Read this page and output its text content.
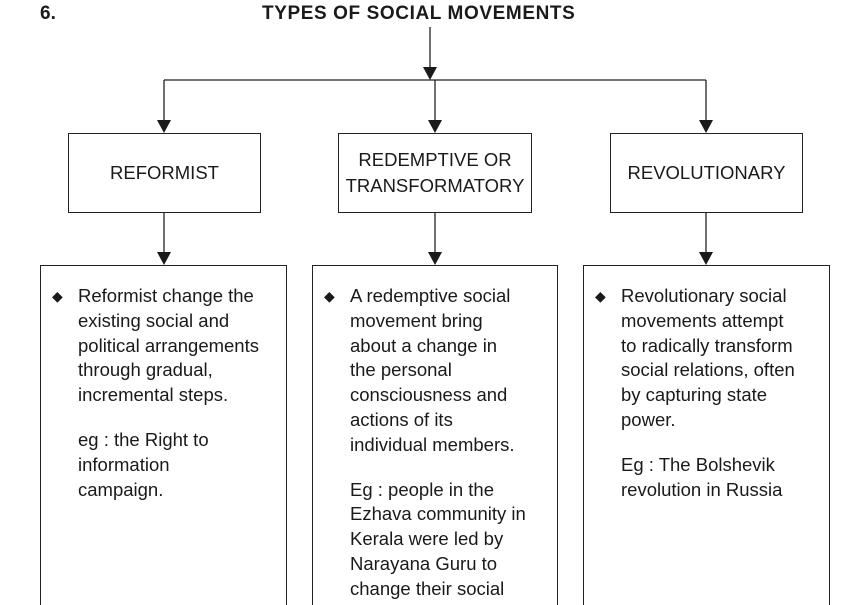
6.	TYPES OF SOCIAL MOVEMENTS
REFORMIST
REDEMPTIVE OR
TRANSFORMATORY
REVOLUTIONARY
◆ Reformist change the
existing social and
political arrangements
through gradual,
incremental steps.

eg : the Right to
information
campaign.

◆ A redemptive social
movement bring
about a change in
the personal
consciousness and
actions of its
individual members.

Eg : people in the
Ezhava community in
Kerala were led by
Narayana Guru to
change their social

◆ Revolutionary social
movements attempt
to radically transform
social relations, often
by capturing state
power.

Eg : The Bolshevik
revolution in Russia
